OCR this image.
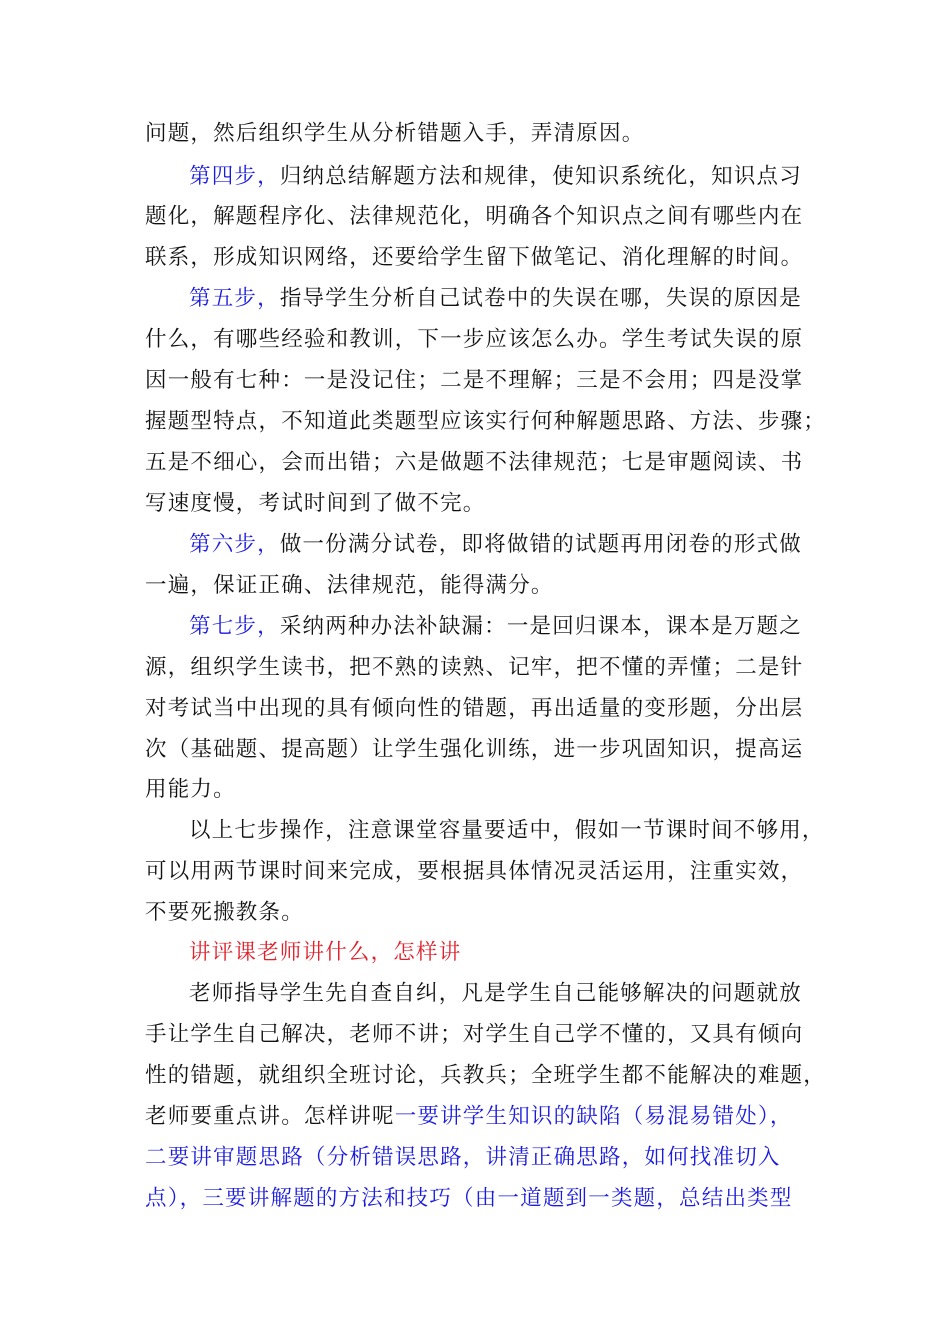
问题，然后组织学生从分析错题入手，弄清原因。
第四步，归纳总结解题方法和规律，使知识系统化，知识点习
题化，解题程序化、法律规范化，明确各个知识点之间有哪些内在
联系，形成知识网络，还要给学生留下做笔记、消化理解的时间。
第五步，指导学生分析自己试卷中的失误在哪，失误的原因是
什么，有哪些经验和教训，下一步应该怎么办。学生考试失误的原
因一般有七种：一是没记住；二是不理解；三是不会用；四是没掌
握题型特点，不知道此类题型应该实行何种解题思路、方法、步骤；
五是不细心，会而出错；六是做题不法律规范；七是审题阅读、书
写速度慢，考试时间到了做不完。
第六步，做一份满分试卷，即将做错的试题再用闭卷的形式做
一遍，保证正确、法律规范，能得满分。
第七步，采纳两种办法补缺漏：一是回归课本，课本是万题之
源，组织学生读书，把不熟的读熟、记牢，把不懂的弄懂；二是针
对考试当中出现的具有倾向性的错题，再出适量的变形题，分出层
次（基础题、提高题）让学生强化训练，进一步巩固知识，提高运
用能力。
以上七步操作，注意课堂容量要适中，假如一节课时间不够用，
可以用两节课时间来完成，要根据具体情况灵活运用，注重实效，
不要死搬教条。
讲评课老师讲什么，怎样讲
老师指导学生先自查自纠，凡是学生自己能够解决的问题就放
手让学生自己解决，老师不讲；对学生自己学不懂的，又具有倾向
性的错题，就组织全班讨论，兵教兵；全班学生都不能解决的难题，
老师要重点讲。怎样讲呢一要讲学生知识的缺陷（易混易错处），
二要讲审题思路（分析错误思路，讲清正确思路，如何找准切入
点），三要讲解题的方法和技巧（由一道题到一类题，总结出类型
